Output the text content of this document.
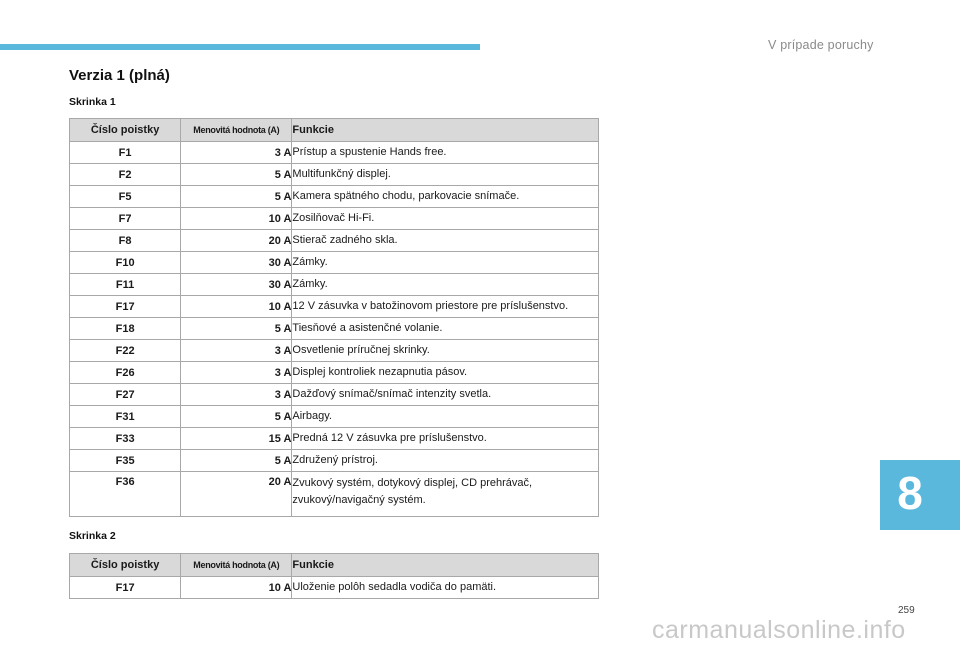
V prípade poruchy
Verzia 1 (plná)
Skrinka 1
Číslo poistky	Menovitá hodnota (A)	Funkcie
F1	3 A	Prístup a spustenie Hands free.
F2	5 A	Multifunkčný displej.
F5	5 A	Kamera spätného chodu, parkovacie snímače.
F7	10 A	Zosilňovač Hi-Fi.
F8	20 A	Stierač zadného skla.
F10	30 A	Zámky.
F11	30 A	Zámky.
F17	10 A	12 V zásuvka v batožinovom priestore pre príslušenstvo.
F18	5 A	Tiesňové a asistenčné volanie.
F22	3 A	Osvetlenie príručnej skrinky.
F26	3 A	Displej kontroliek nezapnutia pásov.
F27	3 A	Dažďový snímač/snímač intenzity svetla.
F31	5 A	Airbagy.
F33	15 A	Predná 12 V zásuvka pre príslušenstvo.
F35	5 A	Združený prístroj.
F36	20 A	Zvukový systém, dotykový displej, CD prehrávač, zvukový/navigačný systém.
Skrinka 2
Číslo poistky	Menovitá hodnota (A)	Funkcie
F17	10 A	Uloženie polôh sedadla vodiča do pamäti.
8
259
carmanualsonline.info
